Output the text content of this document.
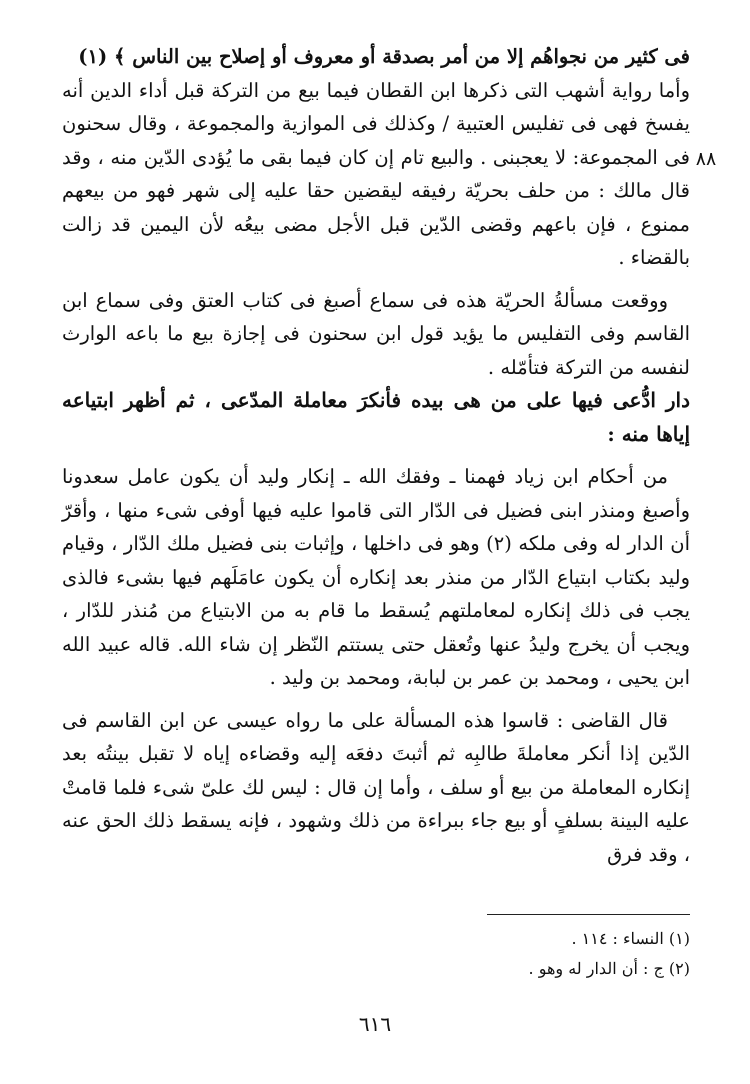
٨٨

فى كثير من نجواهُم إلا من أمر بصدقة أو معروف أو إصلاح بين الناس ﴾ (١)
وأما رواية أشهب التى ذكرها ابن القطان فيما بيع من التركة قبل أداء الدين أنه يفسخ فهى فى تفليس العتبية / وكذلك فى الموازية والمجموعة ، وقال سحنون فى المجموعة: لا يعجبنى . والبيع تام إن كان فيما بقى ما يُؤدى الدّين منه ، وقد قال مالك : من حلف بحريّة رفيقه ليقضين حقا عليه إلى شهر فهو من بيعهم ممنوع ، فإن باعهم وقضى الدّين قبل الأجل مضى بيعُه لأن اليمين قد زالت بالقضاء .

ووقعت مسألةُ الحريّة هذه فى سماع أصبغ فى كتاب العتق وفى سماع ابن القاسم وفى التفليس ما يؤيد قول ابن سحنون فى إجازة بيع ما باعه الوارث لنفسه من التركة فتأمّله .

دار ادُّعى فيها على من هى بيده فأنكرَ معاملة المدّعى ، ثم أظهر ابتياعه إياها منه :

من أحكام ابن زياد فهمنا ـ وفقك الله ـ إنكار وليد أن يكون عامل سعدونا وأصبغ ومنذر ابنى فضيل فى الدّار التى قاموا عليه فيها أوفى شىء منها ، وأقرّ أن الدار له وفى ملكه (٢) وهو فى داخلها ، وإثبات بنى فضيل ملك الدّار ، وقيام وليد بكتاب ابتياع الدّار من منذر بعد إنكاره أن يكون عامَلَهم فيها بشىء فالذى يجب فى ذلك إنكاره لمعاملتهم يُسقط ما قام به من الابتياع من مُنذر للدّار ، ويجب أن يخرج وليدُ عنها وتُعقل حتى يستتم النّظر إن شاء الله. قاله عبيد الله ابن يحيى ، ومحمد بن عمر بن لبابة، ومحمد بن وليد .

قال القاضى : قاسوا هذه المسألة على ما رواه عيسى عن ابن القاسم فى الدّين إذا أنكر معاملةَ طالبِه ثم أثبتَ دفعَه إليه وقضاءه إياه لا تقبل بينتُه بعد إنكاره المعاملة من بيع أو سلف ، وأما إن قال : ليس لك علىّ شىء فلما قامتْ عليه البينة بسلفٍ أو بيع جاء ببراءة من ذلك وشهود ، فإنه يسقط ذلك الحق عنه ، وقد فرق

(١) النساء : ١١٤ .

(٢) ج : أن الدار له وهو .

٦١٦
